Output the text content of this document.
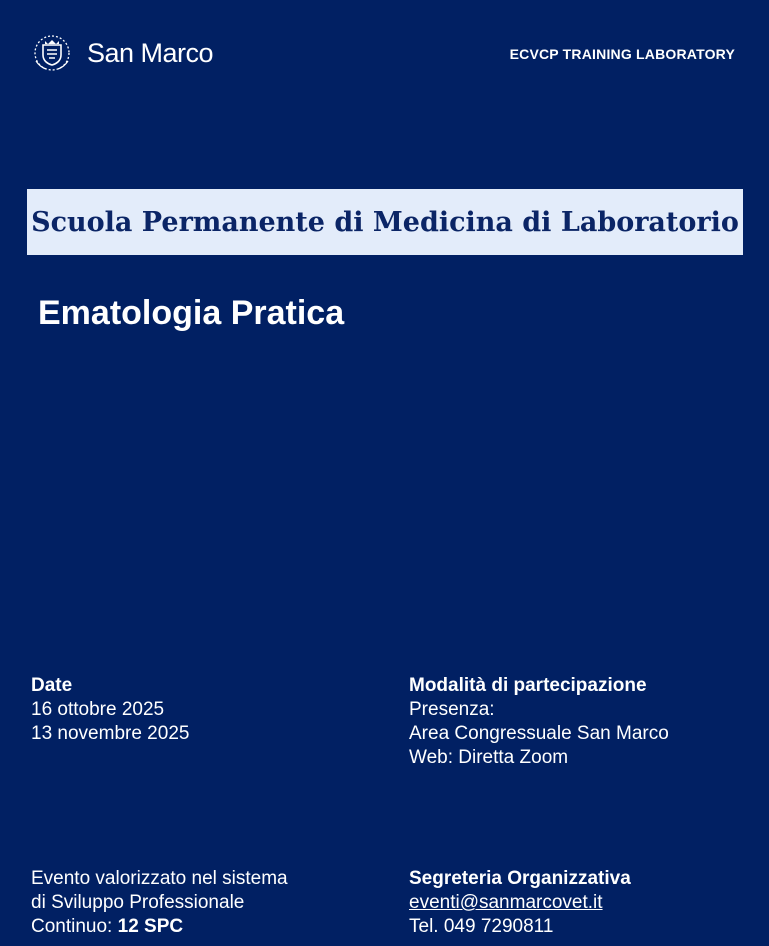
San Marco	ECVCP TRAINING LABORATORY
Scuola Permanente di Medicina di Laboratorio
Ematologia Pratica
Date
16 ottobre 2025
13 novembre 2025
Modalità di partecipazione
Presenza:
Area Congressuale San Marco
Web: Diretta Zoom
Evento valorizzato nel sistema
di Sviluppo Professionale
Continuo: 12 SPC
Segreteria Organizzativa
eventi@sanmarcovet.it
Tel. 049 7290811
